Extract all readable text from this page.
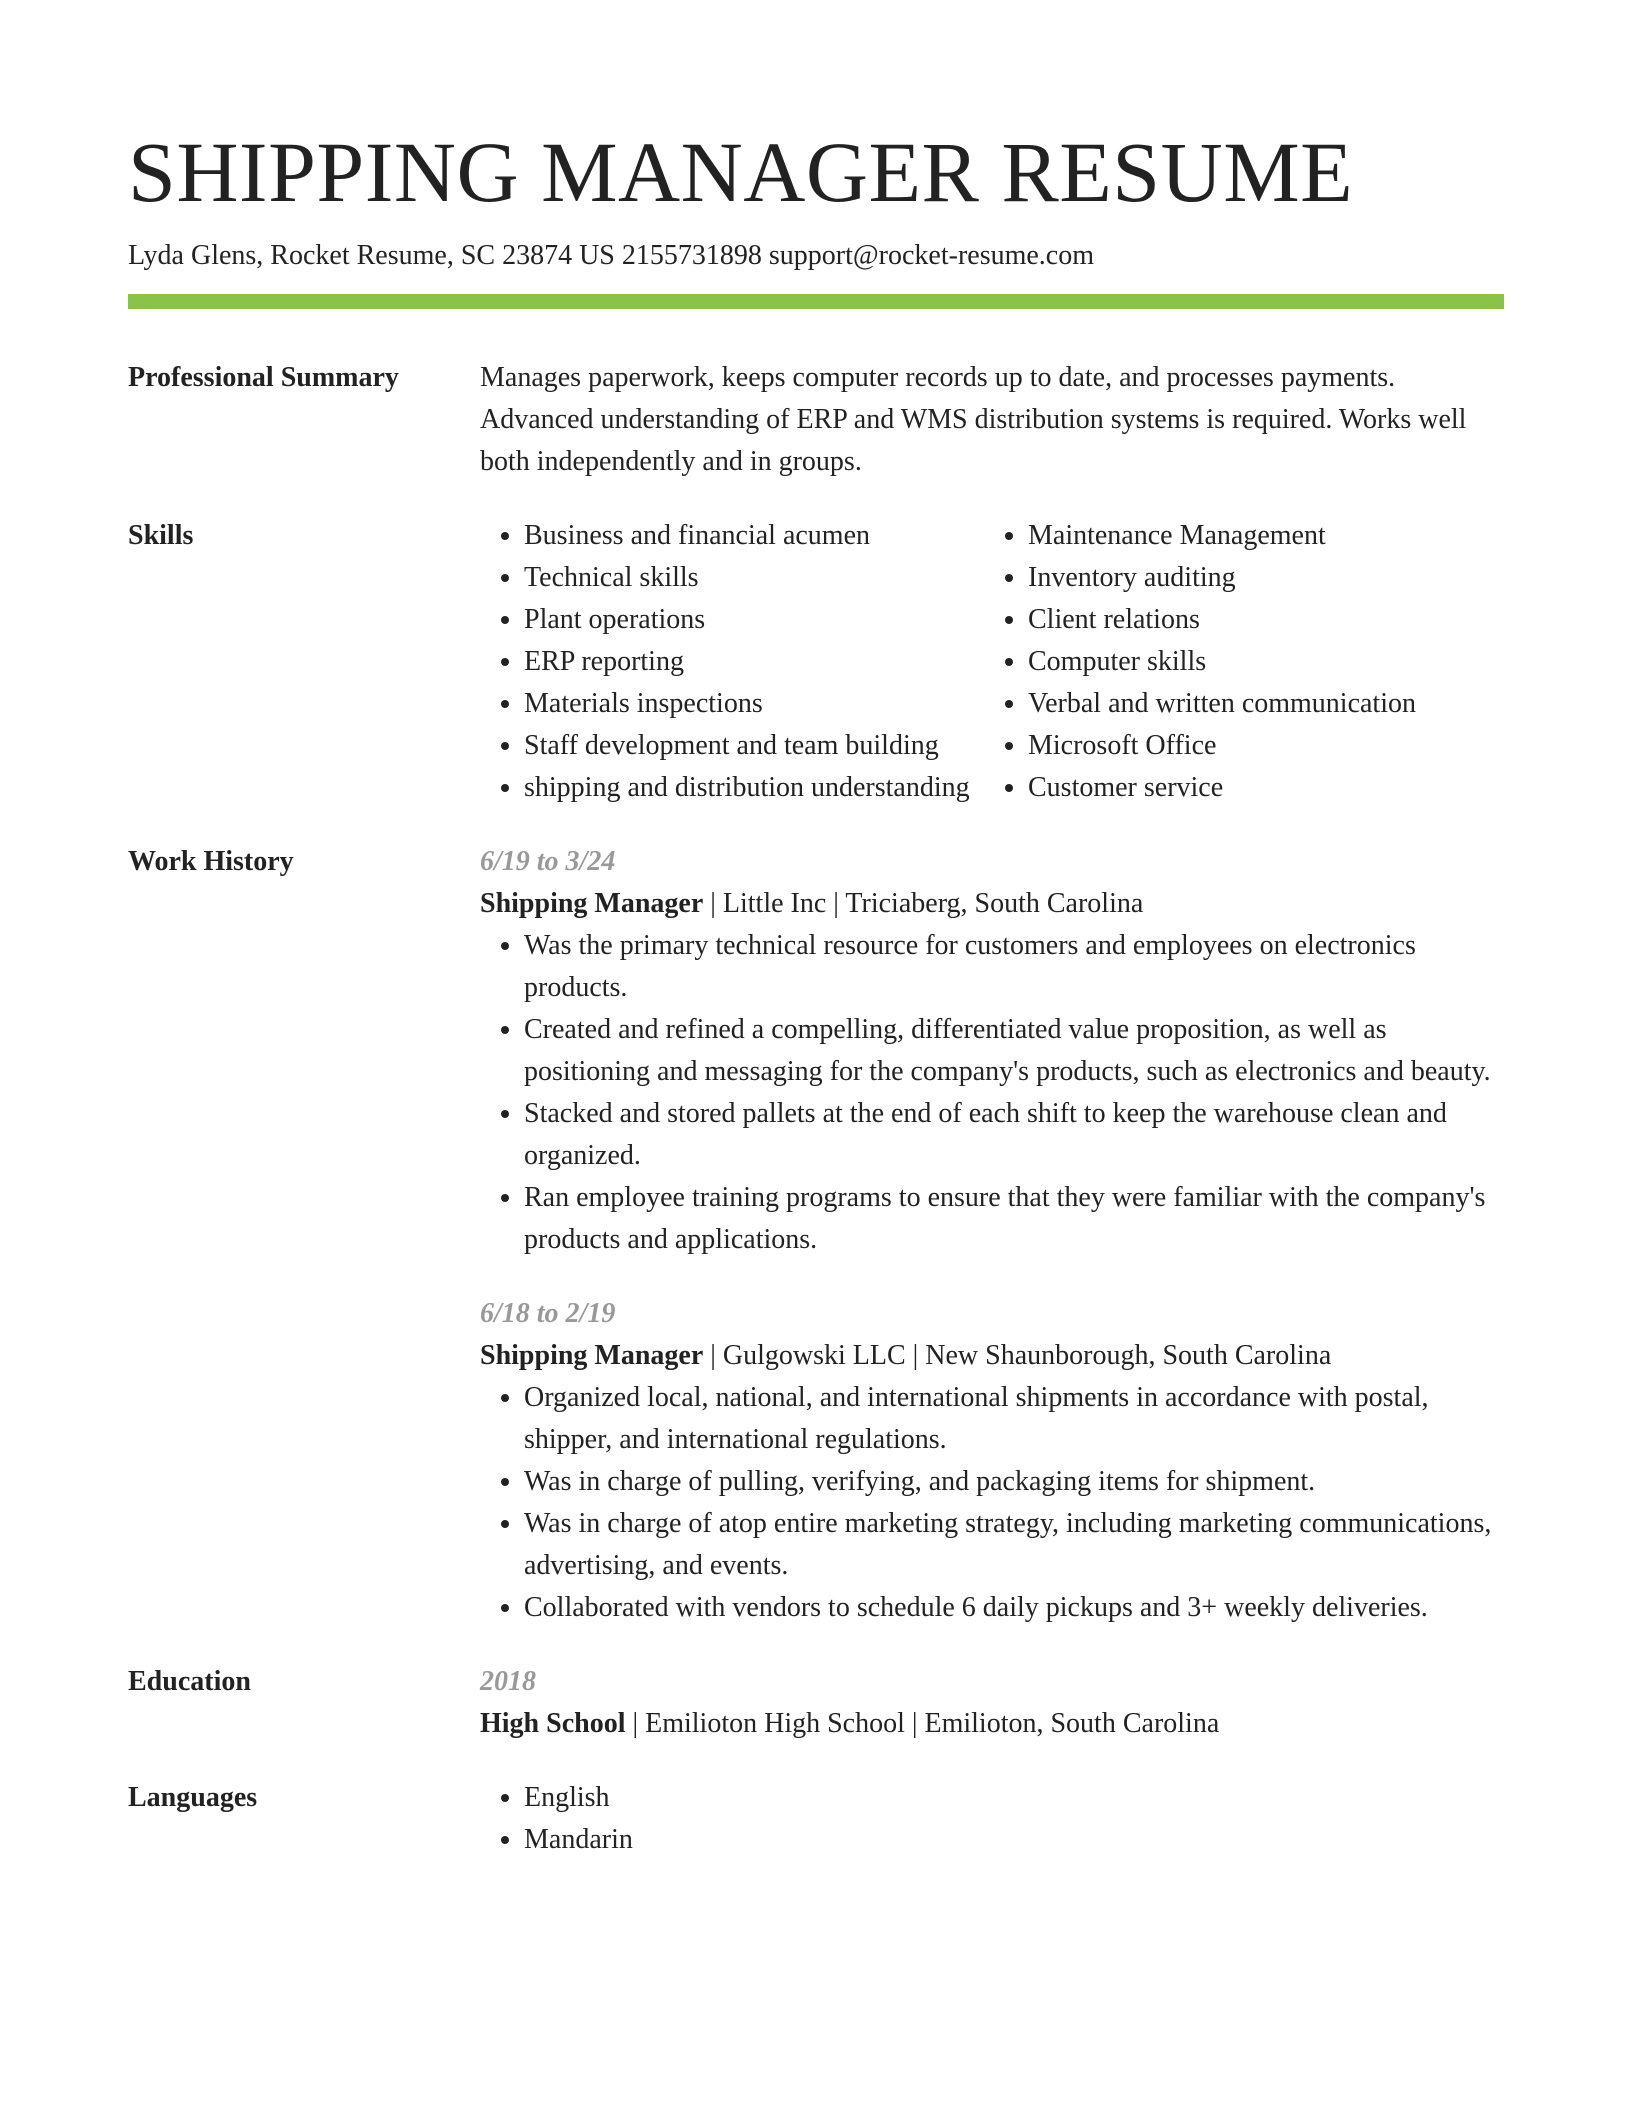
SHIPPING MANAGER RESUME
Lyda Glens, Rocket Resume, SC 23874 US 2155731898 support@rocket-resume.com
Professional Summary	Manages paperwork, keeps computer records up to date, and processes payments. Advanced understanding of ERP and WMS distribution systems is required. Works well both independently and in groups.
Skills	• Business and financial acumen
• Technical skills
• Plant operations
• ERP reporting
• Materials inspections
• Staff development and team building
• shipping and distribution understanding
• Maintenance Management
• Inventory auditing
• Client relations
• Computer skills
• Verbal and written communication
• Microsoft Office
• Customer service
Work History	6/19 to 3/24
Shipping Manager | Little Inc | Triciaberg, South Carolina
• Was the primary technical resource for customers and employees on electronics products.
• Created and refined a compelling, differentiated value proposition, as well as positioning and messaging for the company's products, such as electronics and beauty.
• Stacked and stored pallets at the end of each shift to keep the warehouse clean and organized.
• Ran employee training programs to ensure that they were familiar with the company's products and applications.
6/18 to 2/19
Shipping Manager | Gulgowski LLC | New Shaunborough, South Carolina
• Organized local, national, and international shipments in accordance with postal, shipper, and international regulations.
• Was in charge of pulling, verifying, and packaging items for shipment.
• Was in charge of atop entire marketing strategy, including marketing communications, advertising, and events.
• Collaborated with vendors to schedule 6 daily pickups and 3+ weekly deliveries.
Education	2018
High School | Emilioton High School | Emilioton, South Carolina
Languages	• English
• Mandarin
